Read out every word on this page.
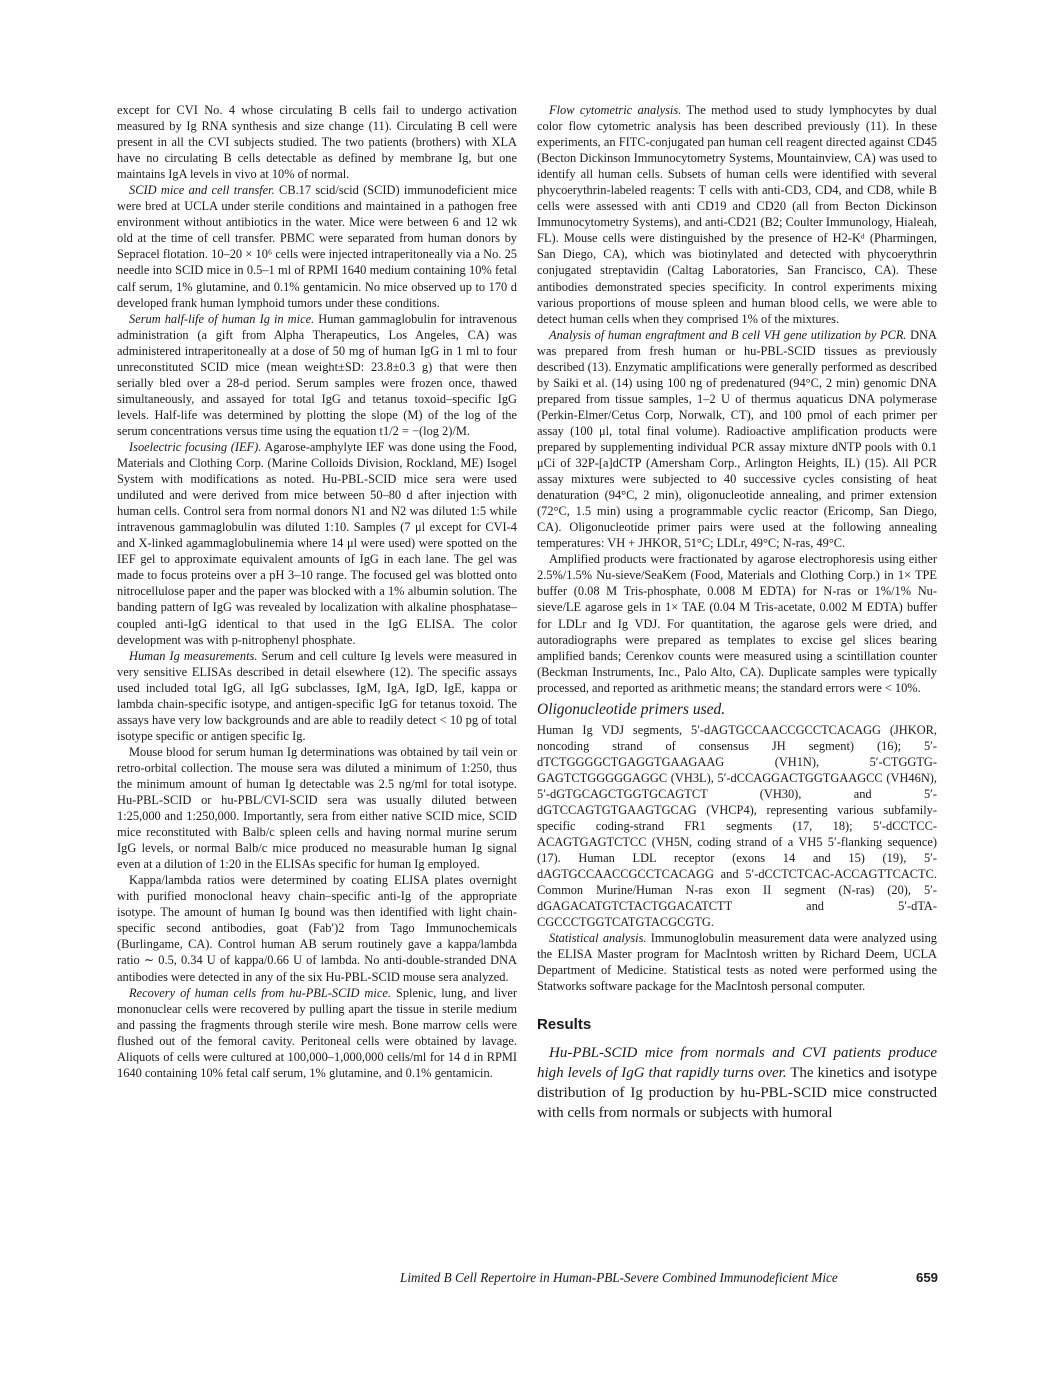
except for CVI No. 4 whose circulating B cells fail to undergo activation measured by Ig RNA synthesis and size change (11). Circulating B cell were present in all the CVI subjects studied. The two patients (brothers) with XLA have no circulating B cells detectable as defined by membrane Ig, but one maintains IgA levels in vivo at 10% of normal.

SCID mice and cell transfer. CB.17 scid/scid (SCID) immunodeficient mice were bred at UCLA under sterile conditions and maintained in a pathogen free environment without antibiotics in the water. Mice were between 6 and 12 wk old at the time of cell transfer. PBMC were separated from human donors by Sepracel flotation. 10–20 × 10⁶ cells were injected intraperitoneally via a No. 25 needle into SCID mice in 0.5–1 ml of RPMI 1640 medium containing 10% fetal calf serum, 1% glutamine, and 0.1% gentamicin. No mice observed up to 170 d developed frank human lymphoid tumors under these conditions.

Serum half-life of human Ig in mice. Human gammaglobulin for intravenous administration (a gift from Alpha Therapeutics, Los Angeles, CA) was administered intraperitoneally at a dose of 50 mg of human IgG in 1 ml to four unreconstituted SCID mice (mean weight±SD: 23.8±0.3 g) that were then serially bled over a 28-d period. Serum samples were frozen once, thawed simultaneously, and assayed for total IgG and tetanus toxoid–specific IgG levels. Half-life was determined by plotting the slope (M) of the log of the serum concentrations versus time using the equation t1/2 = −(log 2)/M.

Isoelectric focusing (IEF). Agarose-amphylyte IEF was done using the Food, Materials and Clothing Corp. (Marine Colloids Division, Rockland, ME) Isogel System with modifications as noted. Hu-PBL-SCID mice sera were used undiluted and were derived from mice between 50–80 d after injection with human cells. Control sera from normal donors N1 and N2 was diluted 1:5 while intravenous gammaglobulin was diluted 1:10. Samples (7 μl except for CVI-4 and X-linked agammaglobulinemia where 14 μl were used) were spotted on the IEF gel to approximate equivalent amounts of IgG in each lane. The gel was made to focus proteins over a pH 3–10 range. The focused gel was blotted onto nitrocellulose paper and the paper was blocked with a 1% albumin solution. The banding pattern of IgG was revealed by localization with alkaline phosphatase–coupled anti-IgG identical to that used in the IgG ELISA. The color development was with p-nitrophenyl phosphate.

Human Ig measurements. Serum and cell culture Ig levels were measured in very sensitive ELISAs described in detail elsewhere (12). The specific assays used included total IgG, all IgG subclasses, IgM, IgA, IgD, IgE, kappa or lambda chain-specific isotype, and antigen-specific IgG for tetanus toxoid. The assays have very low backgrounds and are able to readily detect < 10 pg of total isotype specific or antigen specific Ig.

Mouse blood for serum human Ig determinations was obtained by tail vein or retro-orbital collection. The mouse sera was diluted a minimum of 1:250, thus the minimum amount of human Ig detectable was 2.5 ng/ml for total isotype. Hu-PBL-SCID or hu-PBL/CVI-SCID sera was usually diluted between 1:25,000 and 1:250,000. Importantly, sera from either native SCID mice, SCID mice reconstituted with Balb/c spleen cells and having normal murine serum IgG levels, or normal Balb/c mice produced no measurable human Ig signal even at a dilution of 1:20 in the ELISAs specific for human Ig employed.

Kappa/lambda ratios were determined by coating ELISA plates overnight with purified monoclonal heavy chain–specific anti-Ig of the appropriate isotype. The amount of human Ig bound was then identified with light chain-specific second antibodies, goat (Fab′)2 from Tago Immunochemicals (Burlingame, CA). Control human AB serum routinely gave a kappa/lambda ratio ∼ 0.5, 0.34 U of kappa/0.66 U of lambda. No anti-double-stranded DNA antibodies were detected in any of the six Hu-PBL-SCID mouse sera analyzed.

Recovery of human cells from hu-PBL-SCID mice. Splenic, lung, and liver mononuclear cells were recovered by pulling apart the tissue in sterile medium and passing the fragments through sterile wire mesh. Bone marrow cells were flushed out of the femoral cavity. Peritoneal cells were obtained by lavage. Aliquots of cells were cultured at 100,000–1,000,000 cells/ml for 14 d in RPMI 1640 containing 10% fetal calf serum, 1% glutamine, and 0.1% gentamicin.

Flow cytometric analysis. The method used to study lymphocytes by dual color flow cytometric analysis has been described previously (11). In these experiments, an FITC-conjugated pan human cell reagent directed against CD45 (Becton Dickinson Immunocytometry Systems, Mountainview, CA) was used to identify all human cells. Subsets of human cells were identified with several phycoerythrin-labeled reagents: T cells with anti-CD3, CD4, and CD8, while B cells were assessed with anti CD19 and CD20 (all from Becton Dickinson Immunocytometry Systems), and anti-CD21 (B2; Coulter Immunology, Hialeah, FL). Mouse cells were distinguished by the presence of H2-Kᵈ (Pharmingen, San Diego, CA), which was biotinylated and detected with phycoerythrin conjugated streptavidin (Caltag Laboratories, San Francisco, CA). These antibodies demonstrated species specificity. In control experiments mixing various proportions of mouse spleen and human blood cells, we were able to detect human cells when they comprised 1% of the mixtures.

Analysis of human engraftment and B cell VH gene utilization by PCR. DNA was prepared from fresh human or hu-PBL-SCID tissues as previously described (13). Enzymatic amplifications were generally performed as described by Saiki et al. (14) using 100 ng of predenatured (94°C, 2 min) genomic DNA prepared from tissue samples, 1–2 U of thermus aquaticus DNA polymerase (Perkin-Elmer/Cetus Corp, Norwalk, CT), and 100 pmol of each primer per assay (100 μl, total final volume). Radioactive amplification products were prepared by supplementing individual PCR assay mixture dNTP pools with 0.1 μCi of 32P-[a]dCTP (Amersham Corp., Arlington Heights, IL) (15). All PCR assay mixtures were subjected to 40 successive cycles consisting of heat denaturation (94°C, 2 min), oligonucleotide annealing, and primer extension (72°C, 1.5 min) using a programmable cyclic reactor (Ericomp, San Diego, CA). Oligonucleotide primer pairs were used at the following annealing temperatures: VH + JHKOR, 51°C; LDLr, 49°C; N-ras, 49°C.

Amplified products were fractionated by agarose electrophoresis using either 2.5%/1.5% Nu-sieve/SeaKem (Food, Materials and Clothing Corp.) in 1× TPE buffer (0.08 M Tris-phosphate, 0.008 M EDTA) for N-ras or 1%/1% Nu-sieve/LE agarose gels in 1× TAE (0.04 M Tris-acetate, 0.002 M EDTA) buffer for LDLr and Ig VDJ. For quantitation, the agarose gels were dried, and autoradiographs were prepared as templates to excise gel slices bearing amplified bands; Cerenkov counts were measured using a scintillation counter (Beckman Instruments, Inc., Palo Alto, CA). Duplicate samples were typically processed, and reported as arithmetic means; the standard errors were < 10%.

Oligonucleotide primers used.

Human Ig VDJ segments, 5′-dAGTGCCAACCGCCTCACAGG (JHKOR, noncoding strand of consensus JH segment) (16); 5′-dTCTGGGGCTGAGGTGAAGAAG (VH1N), 5′-CTGGTG-GAGTCTGGGGGAGGC (VH3L), 5′-dCCAGGACTGGTGAAGCC (VH46N), 5′-dGTGCAGCTGGTGCAGTCT (VH30), and 5′-dGTCCAGTGTGAAGTGCAG (VHCP4), representing various subfamily-specific coding-strand FR1 segments (17, 18); 5′-dCCTCC-ACAGTGAGTCTCC (VH5N, coding strand of a VH5 5′-flanking sequence) (17). Human LDL receptor (exons 14 and 15) (19), 5′-dAGTGCCAACCGCCTCACAGG and 5′-dCCTCTCAC-ACCAGTTCACTC. Common Murine/Human N-ras exon II segment (N-ras) (20), 5′-dGAGACATGTCTACTGGACATCTT and 5′-dTA-CGCCCTGGTCATGTACGCGTG.

Statistical analysis. Immunoglobulin measurement data were analyzed using the ELISA Master program for MacIntosh written by Richard Deem, UCLA Department of Medicine. Statistical tests as noted were performed using the Statworks software package for the MacIntosh personal computer.

Results

Hu-PBL-SCID mice from normals and CVI patients produce high levels of IgG that rapidly turns over. The kinetics and isotype distribution of Ig production by hu-PBL-SCID mice constructed with cells from normals or subjects with humoral

Limited B Cell Repertoire in Human-PBL-Severe Combined Immunodeficient Mice	659
